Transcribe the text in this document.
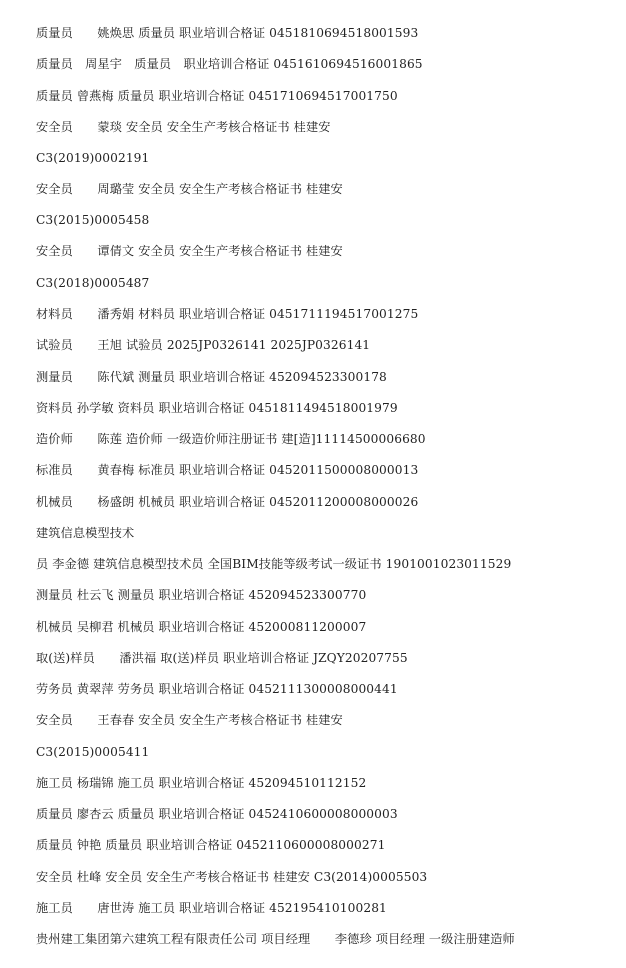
质量员　　姚焕思 质量员 职业培训合格证 0451810694518001593
质量员　周星宇　质量员　职业培训合格证 0451610694516001865
质量员 曾燕梅 质量员 职业培训合格证 0451710694517001750
安全员　　蒙琰 安全员 安全生产考核合格证书 桂建安
C3(2019)0002191
安全员　　周璐莹 安全员 安全生产考核合格证书 桂建安
C3(2015)0005458
安全员　　谭倩文 安全员 安全生产考核合格证书 桂建安
C3(2018)0005487
材料员　　潘秀娟 材料员 职业培训合格证 0451711194517001275
试验员　　王旭 试验员 2025JP0326141 2025JP0326141
测量员　　陈代斌 测量员 职业培训合格证 452094523300178
资料员 孙学敏 资料员 职业培训合格证 0451811494518001979
造价师　　陈莲 造价师 一级造价师注册证书 建[造]11114500006680
标准员　　黄春梅 标准员 职业培训合格证 0452011500008000013
机械员　　杨盛朗 机械员 职业培训合格证 0452011200008000026
建筑信息模型技术
员 李金德 建筑信息模型技术员 全国BIM技能等级考试一级证书 1901001023011529
测量员 杜云飞 测量员 职业培训合格证 452094523300770
机械员 吴柳君 机械员 职业培训合格证 452000811200007
取(送)样员　　潘洪福 取(送)样员 职业培训合格证 JZQY20207755
劳务员 黄翠萍 劳务员 职业培训合格证 0452111300008000441
安全员　　王春春 安全员 安全生产考核合格证书 桂建安
C3(2015)0005411
施工员 杨瑞锦 施工员 职业培训合格证 452094510112152
质量员 廖杏云 质量员 职业培训合格证 0452410600008000003
质量员 钟艳 质量员 职业培训合格证 0452110600008000271
安全员 杜峰 安全员 安全生产考核合格证书 桂建安 C3(2014)0005503
施工员　　唐世涛 施工员 职业培训合格证 452195410100281
贵州建工集团第六建筑工程有限责任公司 项目经理　　李德珍 项目经理 一级注册建造师
